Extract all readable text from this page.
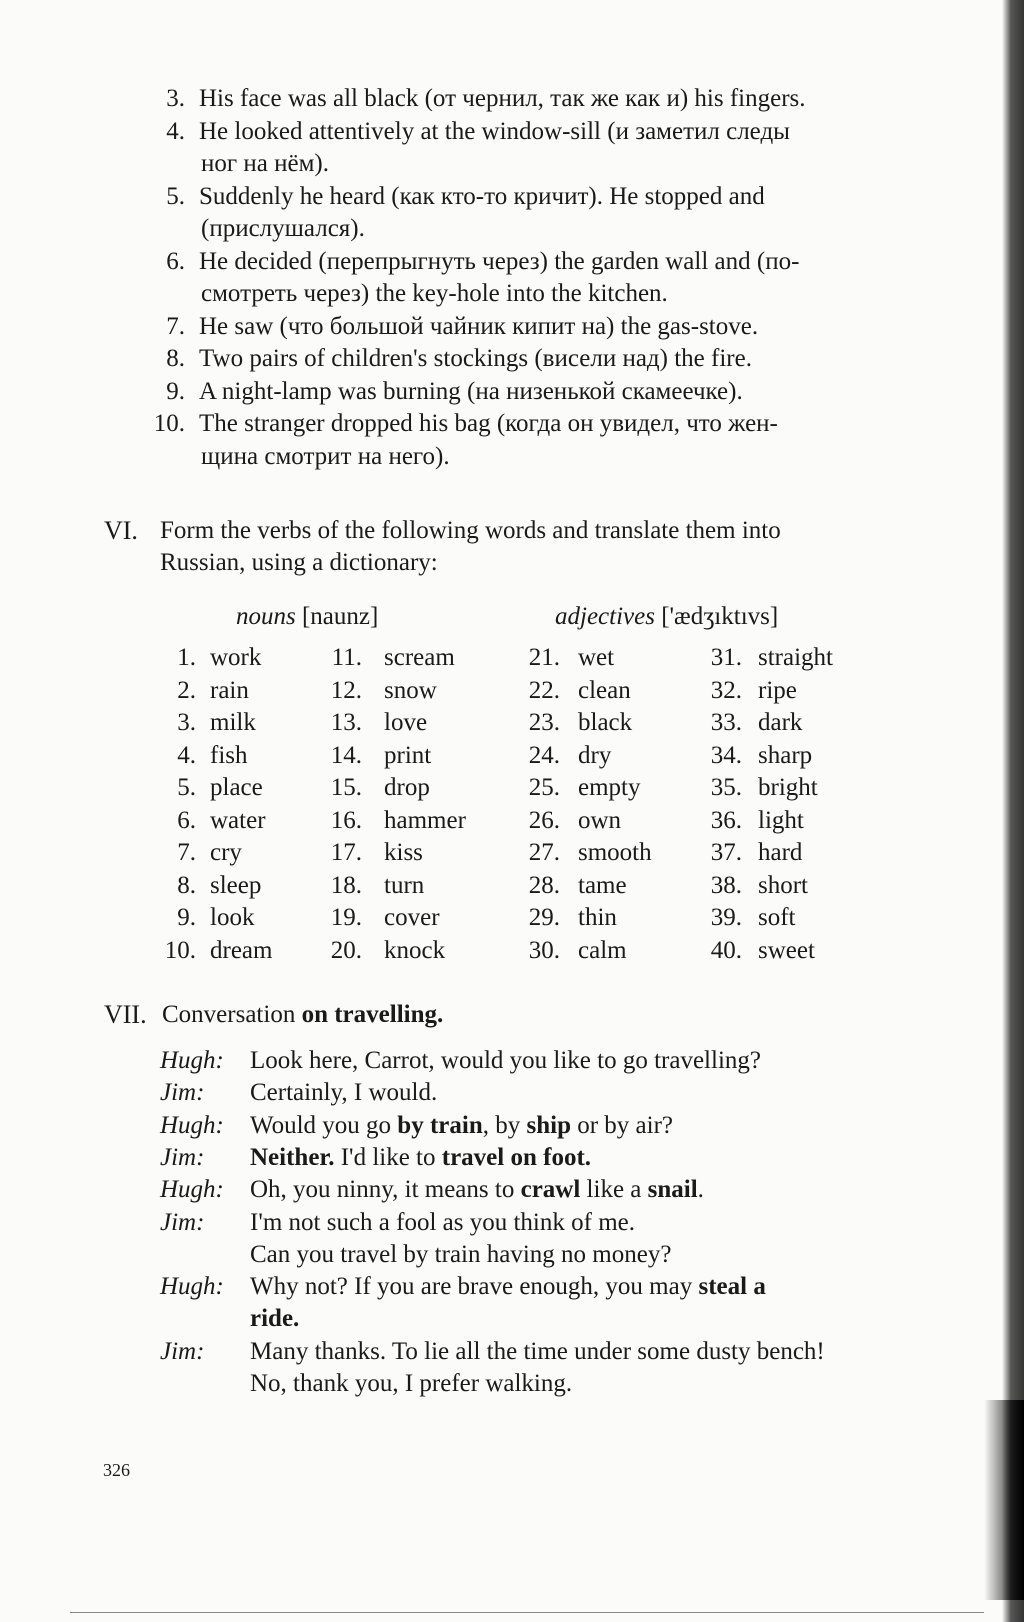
3. His face was all black (от чернил, так же как и) his fingers.
4. He looked attentively at the window-sill (и заметил следы
ног на нём).
5. Suddenly he heard (как кто-то кричит). He stopped and
(прислушался).
6. He decided (перепрыгнуть через) the garden wall and (по-
смотреть через) the key-hole into the kitchen.
7. He saw (что большой чайник кипит на) the gas-stove.
8. Two pairs of children's stockings (висели над) the fire.
9. A night-lamp was burning (на низенькой скамеечке).
10. The stranger dropped his bag (когда он увидел, что жен-
щина смотрит на него).
VI. Form the verbs of the following words and translate them into
Russian, using a dictionary:
nouns [naunz]	adjectives ['ædʒıktıvs]
1. work
2. rain
3. milk
4. fish
5. place
6. water
7. cry
8. sleep
9. look
10. dream
11. scream
12. snow
13. love
14. print
15. drop
16. hammer
17. kiss
18. turn
19. cover
20. knock
21. wet
22. clean
23. black
24. dry
25. empty
26. own
27. smooth
28. tame
29. thin
30. calm
31. straight
32. ripe
33. dark
34. sharp
35. bright
36. light
37. hard
38. short
39. soft
40. sweet
VII. Conversation on travelling.
Hugh: Look here, Carrot, would you like to go travelling?
Jim: Certainly, I would.
Hugh: Would you go by train, by ship or by air?
Jim: Neither. I'd like to travel on foot.
Hugh: Oh, you ninny, it means to crawl like a snail.
Jim: I'm not such a fool as you think of me.
Can you travel by train having no money?
Hugh: Why not? If you are brave enough, you may steal a
ride.
Jim: Many thanks. To lie all the time under some dusty bench!
No, thank you, I prefer walking.
326
